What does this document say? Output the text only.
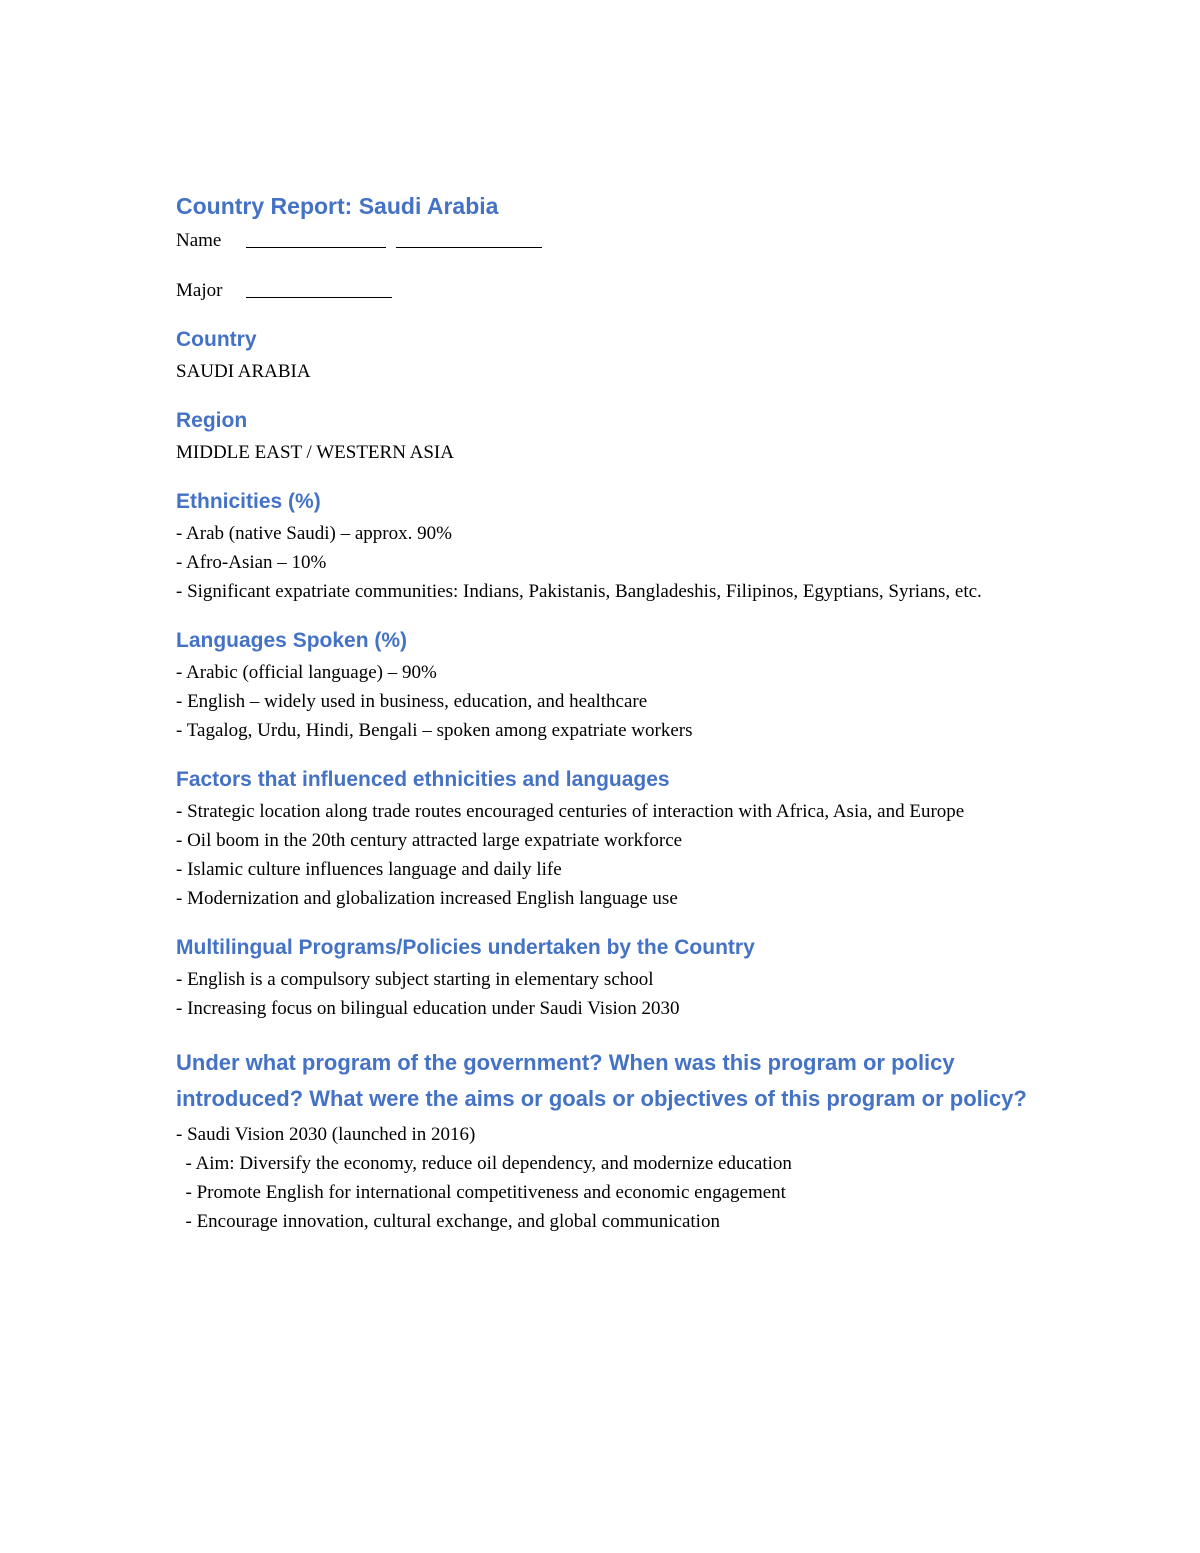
Country Report: Saudi Arabia
Name
Major
Country
SAUDI ARABIA
Region
MIDDLE EAST / WESTERN ASIA
Ethnicities (%)
- Arab (native Saudi) – approx. 90%
- Afro-Asian – 10%
- Significant expatriate communities: Indians, Pakistanis, Bangladeshis, Filipinos, Egyptians, Syrians, etc.
Languages Spoken (%)
- Arabic (official language) – 90%
- English – widely used in business, education, and healthcare
- Tagalog, Urdu, Hindi, Bengali – spoken among expatriate workers
Factors that influenced ethnicities and languages
- Strategic location along trade routes encouraged centuries of interaction with Africa, Asia, and Europe
- Oil boom in the 20th century attracted large expatriate workforce
- Islamic culture influences language and daily life
- Modernization and globalization increased English language use
Multilingual Programs/Policies undertaken by the Country
- English is a compulsory subject starting in elementary school
- Increasing focus on bilingual education under Saudi Vision 2030
Under what program of the government? When was this program or policy introduced? What were the aims or goals or objectives of this program or policy?
- Saudi Vision 2030 (launched in 2016)
- Aim: Diversify the economy, reduce oil dependency, and modernize education
- Promote English for international competitiveness and economic engagement
- Encourage innovation, cultural exchange, and global communication
